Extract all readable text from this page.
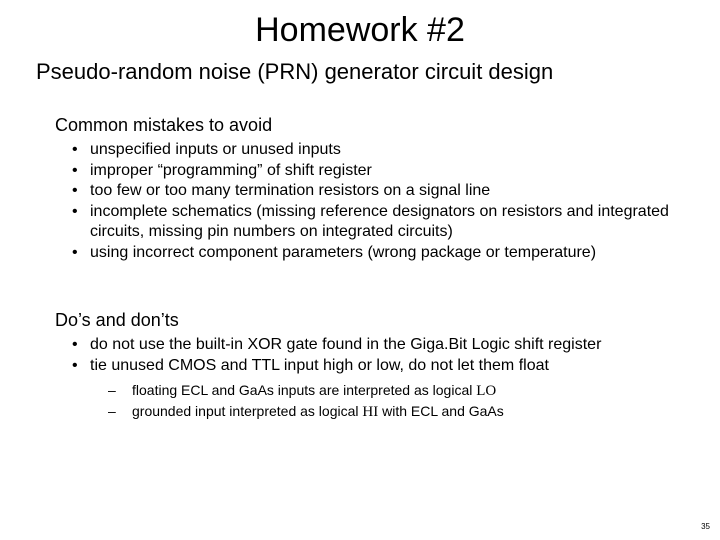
Homework #2
Pseudo-random noise (PRN) generator circuit design
Common mistakes to avoid
• unspecified inputs or unused inputs
• improper “programming” of shift register
• too few or too many termination resistors on a signal line
• incomplete schematics (missing reference designators on resistors and integrated circuits, missing pin numbers on integrated circuits)
• using incorrect component parameters (wrong package or temperature)
Do’s and don’ts
• do not use the built-in XOR gate found in the Giga.Bit Logic shift register
• tie unused CMOS and TTL input high or low, do not let them float
– floating ECL and GaAs inputs are interpreted as logical LO
– grounded input interpreted as logical HI with ECL and GaAs
35
